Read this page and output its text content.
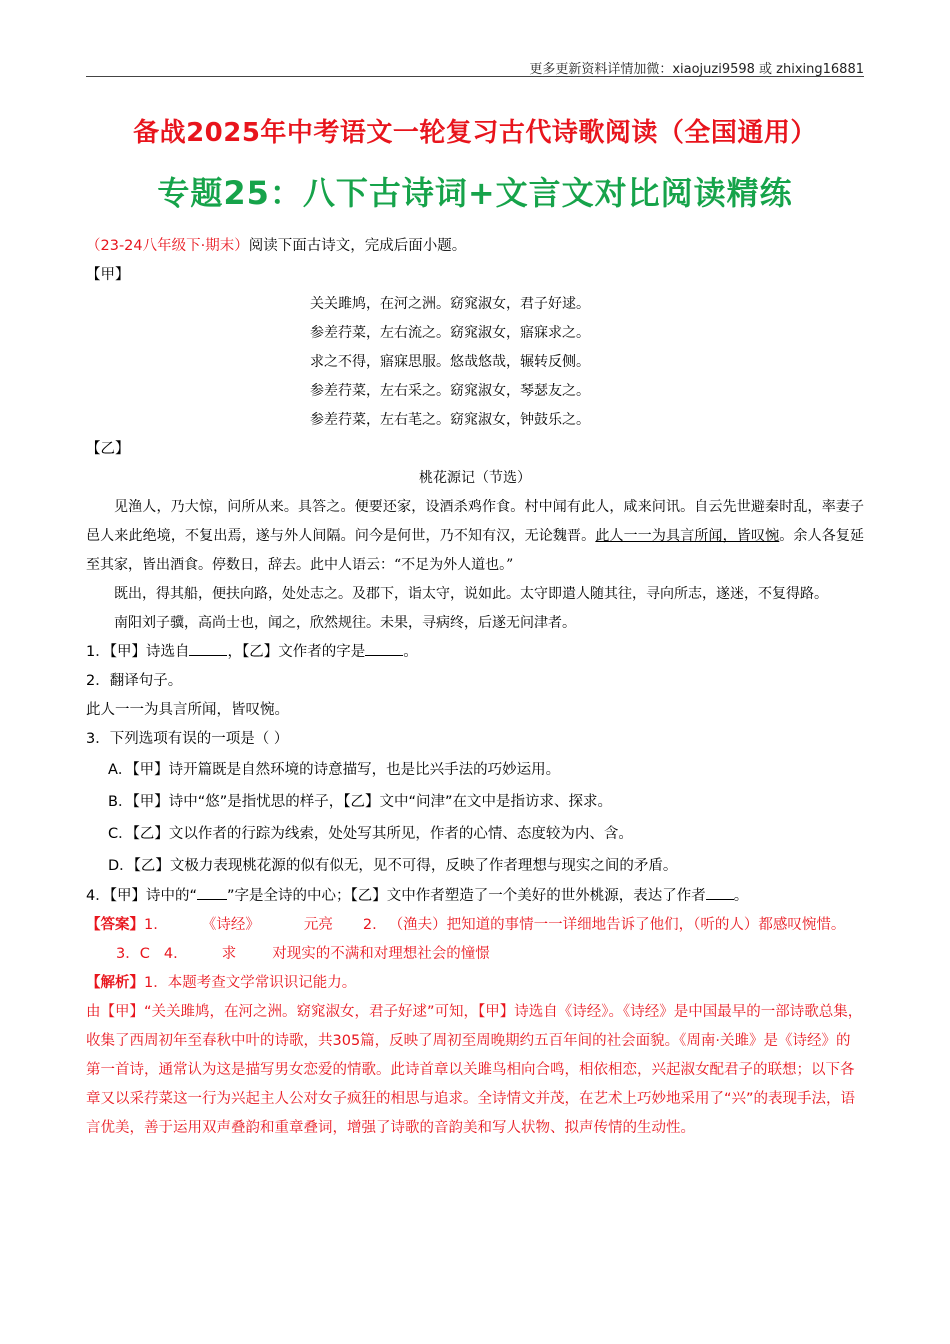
更多更新资料详情加微：xiaojuzi9598 或 zhixing16881
备战2025年中考语文一轮复习古代诗歌阅读（全国通用）
专题25：八下古诗词+文言文对比阅读精练

（23-24八年级下·期末）阅读下面古诗文，完成后面小题。

【甲】

关关雎鸠，在河之洲。窈窕淑女，君子好逑。

参差荇菜，左右流之。窈窕淑女，寤寐求之。

求之不得，寤寐思服。悠哉悠哉，辗转反侧。

参差荇菜，左右采之。窈窕淑女，琴瑟友之。

参差荇菜，左右芼之。窈窕淑女，钟鼓乐之。

【乙】

桃花源记（节选）

见渔人，乃大惊，问所从来。具答之。便要还家，设酒杀鸡作食。村中闻有此人，咸来问讯。自云先世避秦时乱，率妻子邑人来此绝境，不复出焉，遂与外人间隔。问今是何世，乃不知有汉，无论魏晋。此人一一为具言所闻，皆叹惋。余人各复延至其家，皆出酒食。停数日，辞去。此中人语云：“不足为外人道也。”

既出，得其船，便扶向路，处处志之。及郡下，诣太守，说如此。太守即遣人随其往，寻向所志，遂迷，不复得路。

南阳刘子骥，高尚士也，闻之，欣然规往。未果，寻病终，后遂无问津者。

1．【甲】诗选自	，【乙】文作者的字是	。

2．翻译句子。

此人一一为具言所闻，皆叹惋。

3．下列选项有误的一项是（ ）

A．【甲】诗开篇既是自然环境的诗意描写，也是比兴手法的巧妙运用。

B．【甲】诗中“悠”是指忧思的样子，【乙】文中“问津”在文中是指访求、探求。

C．【乙】文以作者的行踪为线索，处处写其所见，作者的心情、态度较为内、含。

D．【乙】文极力表现桃花源的似有似无，见不可得，反映了作者理想与现实之间的矛盾。

4．【甲】诗中的“ ”字是全诗的中心；【乙】文中作者塑造了一个美好的世外桃源，表达了作者 。

【答案】1.	《诗经》	元亮 2. （渔夫）把知道的事情一一详细地告诉了他们，（听的人）都感叹惋惜。3．C 4.	求 对现实的不满和对理想社会的憧憬

【解析】1．本题考查文学常识识记能力。

由【甲】“关关雎鸠，在河之洲。窈窕淑女，君子好逑”可知，【甲】诗选自《诗经》。《诗经》是中国最早的一部诗歌总集，收集了西周初年至春秋中叶的诗歌，共305篇，反映了周初至周晚期约五百年间的社会面貌。《周南·关雎》是《诗经》的第一首诗，通常认为这是描写男女恋爱的情歌。此诗首章以关雎鸟相向合鸣，相依相恋，兴起淑女配君子的联想；以下各章又以采荇菜这一行为兴起主人公对女子疯狂的相思与追求。全诗情文并茂，在艺术上巧妙地采用了“兴”的表现手法，语言优美，善于运用双声叠韵和重章叠词，增强了诗歌的音韵美和写人状物、拟声传情的生动性。
